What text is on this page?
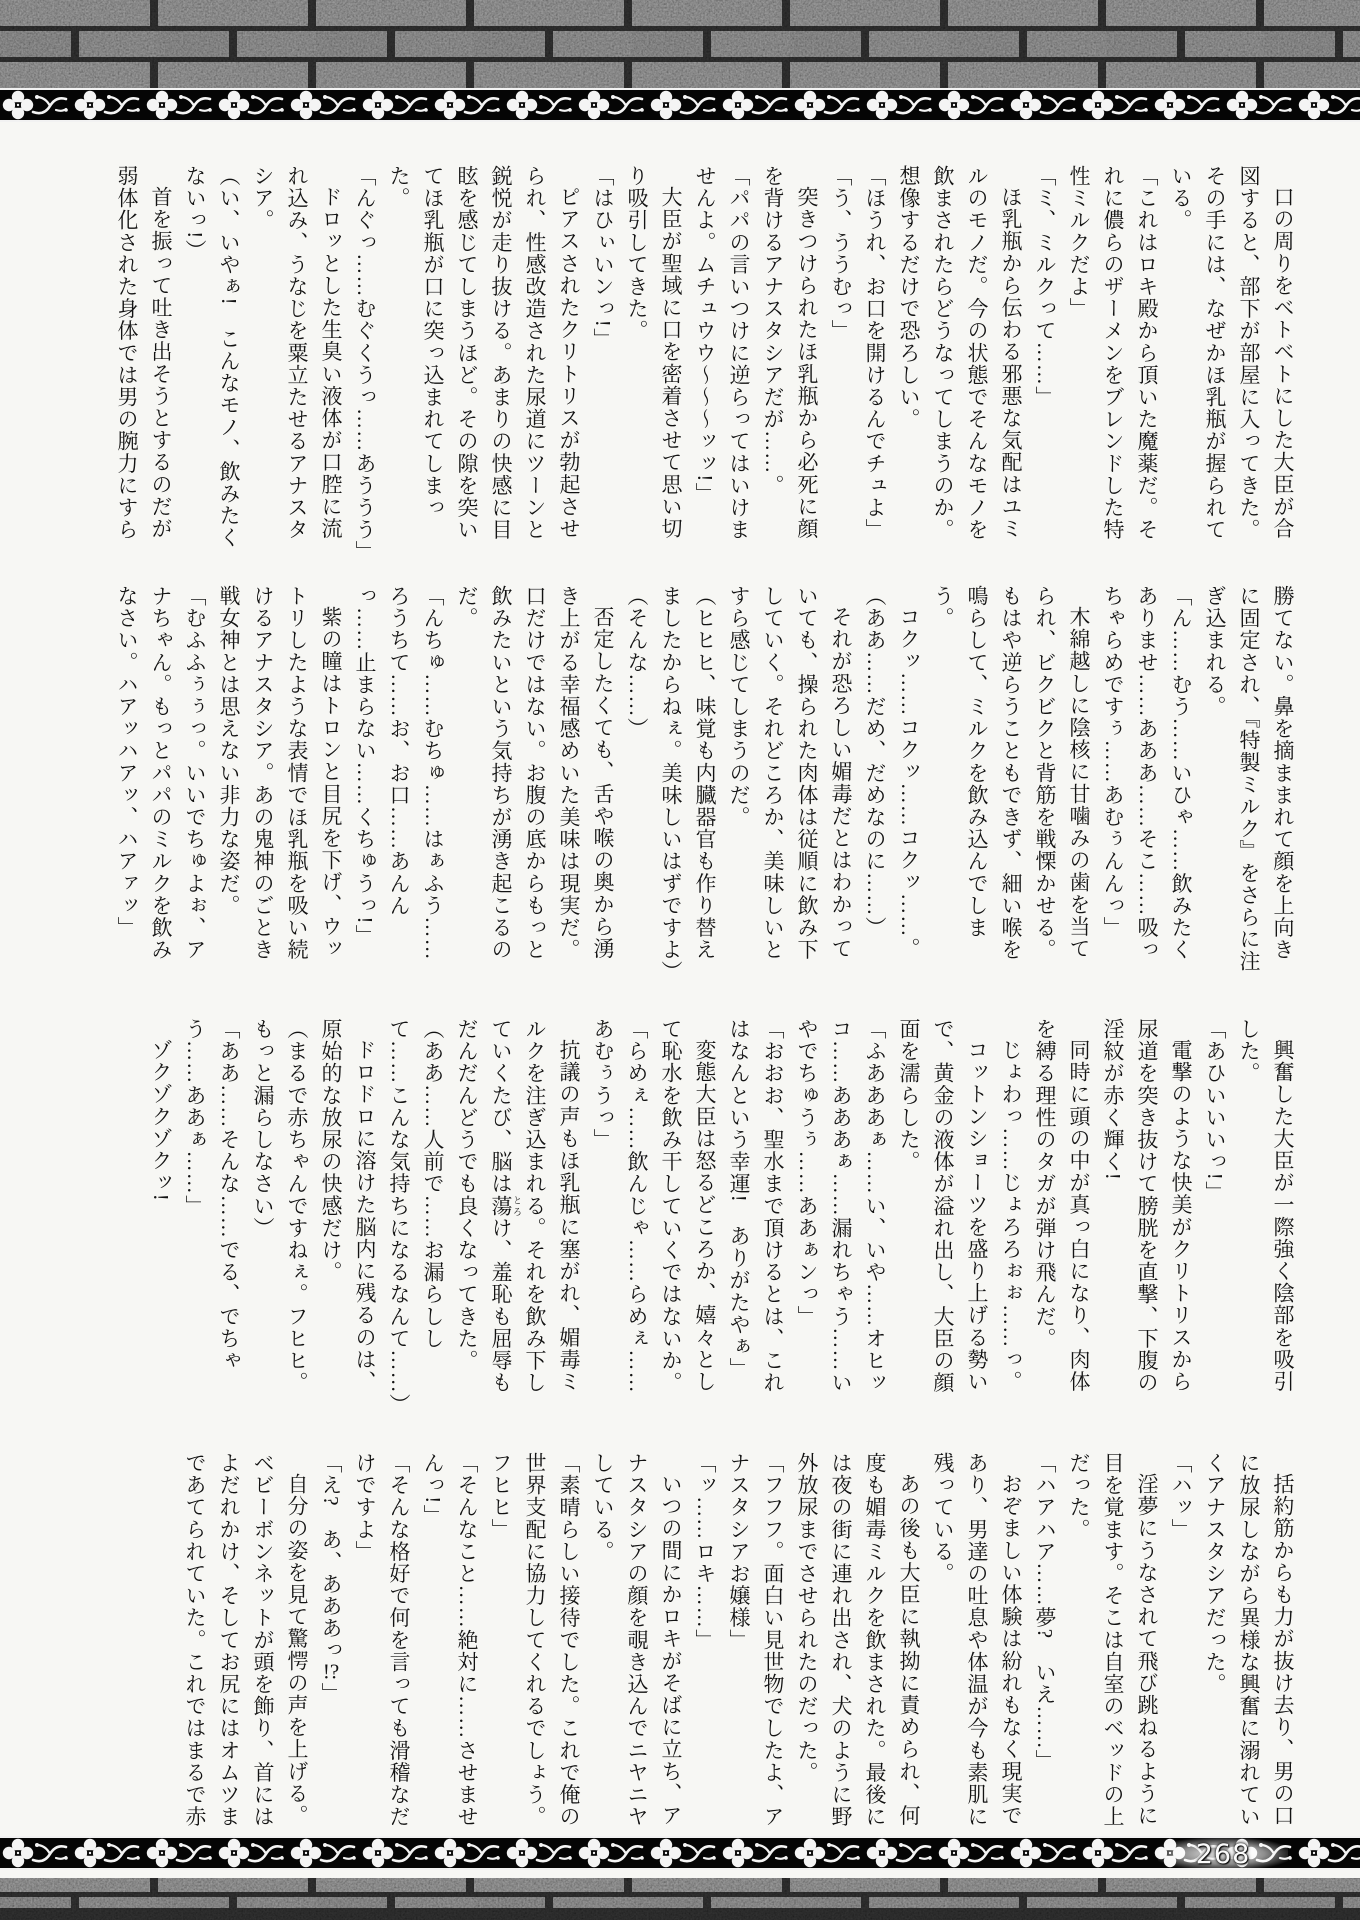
口の周りをベトベトにした大臣が合図すると、部下が部屋に入ってきた。その手には、なぜかほ乳瓶が握られている。

「これはロキ殿から頂いた魔薬だ。それに儂らのザーメンをブレンドした特性ミルクだよ」

「ミ、ミルクって……」

ほ乳瓶から伝わる邪悪な気配はユミルのモノだ。今の状態でそんなモノを飲まされたらどうなってしまうのか。想像するだけで恐ろしい。

「ほうれ、お口を開けるんでチュよ」

「う、ううむっ」

突きつけられたほ乳瓶から必死に顔を背けるアナスタシアだが……。

「パパの言いつけに逆らってはいけませんよ。ムチュウウ〜〜〜ッッ!」

大臣が聖域に口を密着させて思い切り吸引してきた。

「はひぃいンっ!」

ピアスされたクリトリスが勃起させられ、性感改造された尿道にツーンと鋭悦が走り抜ける。あまりの快感に目眩を感じてしまうほど。その隙を突いてほ乳瓶が口に突っ込まれてしまった。

「んぐっ……むぐくうっ……あううう」

ドロッとした生臭い液体が口腔に流れ込み、うなじを粟立たせるアナスタシア。

（い、いやぁ!　こんなモノ、飲みたくないっ!）

首を振って吐き出そうとするのだが弱体化された身体では男の腕力にすら

勝てない。鼻を摘ままれて顔を上向きに固定され、『特製ミルク』をさらに注ぎ込まれる。

「ん……むう……いひゃ……飲みたくありませ……あああ……そこ……吸っちゃらめですぅ……あむぅんんっ」

木綿越しに陰核に甘噛みの歯を当てられ、ビクビクと背筋を戦慄かせる。もはや逆らうこともできず、細い喉を鳴らして、ミルクを飲み込んでしまう。

コクッ……コクッ……コクッ……。

（ああ……だめ、だめなのに……）

それが恐ろしい媚毒だとはわかっていても、操られた肉体は従順に飲み下していく。それどころか、美味しいとすら感じてしまうのだ。

（ヒヒヒ、味覚も内臓器官も作り替えましたからねぇ。美味しいはずですよ）

（そんな……）

否定したくても、舌や喉の奥から湧き上がる幸福感めいた美味は現実だ。口だけではない。お腹の底からもっと飲みたいという気持ちが湧き起こるのだ。

「んちゅ……むちゅ……はぁふう……ろうちて……お、お口……あんんっ……止まらない……くちゅうっ!」

紫の瞳はトロンと目尻を下げ、ウットリしたような表情でほ乳瓶を吸い続けるアナスタシア。あの鬼神のごとき戦女神とは思えない非力な姿だ。

「むふふぅぅっ。いいでちゅよぉ、アナちゃん。もっとパパのミルクを飲みなさい。ハアッハアッ、ハアァッ」

興奮した大臣が一際強く陰部を吸引した。

「あひいいいっ!」

電撃のような快美がクリトリスから尿道を突き抜けて膀胱を直撃、下腹の淫紋が赤く輝く!

同時に頭の中が真っ白になり、肉体を縛る理性のタガが弾け飛んだ。

じょわっ……じょろろぉぉ……っ。

コットンショーツを盛り上げる勢いで、黄金の液体が溢れ出し、大臣の顔面を濡らした。

「ふあああぁ……い、いや……オヒッコ……あああぁ……漏れちゃう……いやでちゅうぅ……ああぁンっ」

「おおお、聖水まで頂けるとは、これはなんという幸運!　ありがたやぁ」

変態大臣は怒るどころか、嬉々として恥水を飲み干していくではないか。

「らめぇ……飲んじゃ……らめぇ……あむぅうっ」

抗議の声もほ乳瓶に塞がれ、媚毒ミルクを注ぎ込まれる。それを飲み下していくたび、脳は蕩 とろけ、羞恥も屈辱もだんだんどうでも良くなってきた。

（ああ……人前で……お漏らしして……こんな気持ちになるなんて……）

ドロドロに溶けた脳内に残るのは、原始的な放尿の快感だけ。

（まるで赤ちゃんですねぇ。フヒヒ。もっと漏らしなさい）

「ああ……そんな……でる、でちゃう……ああぁ……」

ゾクゾクゾクッ!

括約筋からも力が抜け去り、男の口に放尿しながら異様な興奮に溺れていくアナスタシアだった。

「ハッ」

淫夢にうなされて飛び跳ねるように目を覚ます。そこは自室のベッドの上だった。

「ハアハア……夢?　いえ……」

おぞましい体験は紛れもなく現実であり、男達の吐息や体温が今も素肌に残っている。

あの後も大臣に執拗に責められ、何度も媚毒ミルクを飲まされた。最後には夜の街に連れ出され、犬のように野外放尿までさせられたのだった。

「フフフ。面白い見世物でしたよ、アナスタシアお嬢様」

「ッ……ロキ……」

いつの間にかロキがそばに立ち、アナスタシアの顔を覗き込んでニヤニヤしている。

「素晴らしい接待でした。これで俺の世界支配に協力してくれるでしょう。フヒヒ」

「そんなこと……絶対に……させませんっ!」

「そんな格好で何を言っても滑稽なだけですよ」

「え?　あ、あああっ!?」

自分の姿を見て驚愕の声を上げる。ベビーボンネットが頭を飾り、首にはよだれかけ、そしてお尻にはオムツまであてられていた。これではまるで赤

268
